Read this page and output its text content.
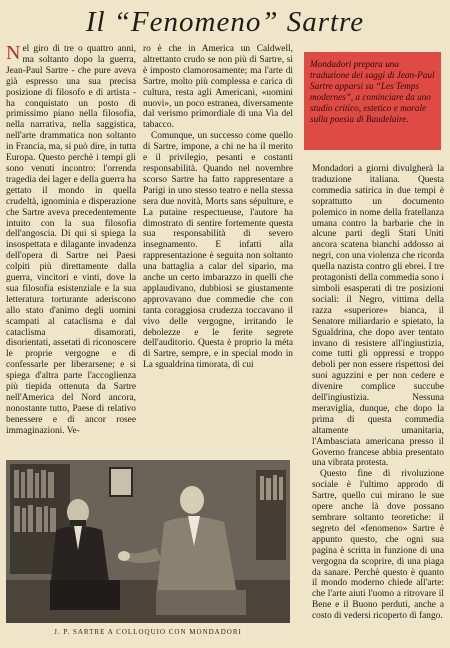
Il “Fenomeno” Sartre

Nel giro di tre o quattro anni, ma soltanto dopo la guerra, Jean-Paul Sartre - che pure aveva già espresso una sua precisa posizione di filosofo e di artista - ha conquistato un posto di primissimo piano nella filosofia, nella narrativa, nella saggistica, nell'arte drammatica non soltanto in Francia, ma, si può dire, in tutta Europa. Questo perchè i tempi gli sono venuti incontro: l'orrenda tragedia dei lager e della guerra ha gettato il mondo in quella crudeltà, ignominia e disperazione che Sartre aveva precedentemente intuito con la sua filosofia dell'angoscia. Di qui si spiega la insospettata e dilagante invadenza dell'opera di Sartre nei Paesi colpiti più direttamente dalla guerra, vincitori e vinti, dove la sua filosofia esistenziale e la sua letteratura torturante aderiscono allo stato d'animo degli uomini scampati al cataclisma e dal cataclisma disamorati, disorientati, assetati di riconoscere le proprie vergogne e di confessarle per liberarsene; e si spiega d'altra parte l'accoglienza più tiepida ottenuta da Sartre nell'America del Nord ancora, nonostante tutto, Paese di relativo benessere e di ancor rosee immaginazioni. Ve-

ro è che in America un Caldwell, altrettanto crudo se non più di Sartre, si è imposto clamorosamente; ma l'arte di Sartre, molto più complessa e carica di cultura, resta agli Americani, «uomini nuovi», un poco estranea, diversamente dal verismo primordiale di una Via del tabacco.

Comunque, un successo come quello di Sartre, impone, a chi ne ha il merito e il privilegio, pesanti e costanti responsabilità. Quando nel novembre scorso Sartre ha fatto rappresentare a Parigi in uno stesso teatro e nella stessa sera due novità, Morts sans sépulture, e La putaine respectueuse, l'autore ha dimostrato di sentire fortemente questa sua responsabilità di severo insegnamento. E infatti alla rappresentazione è seguita non soltanto una battaglia a calar del sipario, ma anche un certo imbarazzo in quelli che applaudivano, dubbiosi se giustamente approvavano due commedie che con tanta coraggiosa crudezza toccavano il vivo delle vergogne, irritando le debolezze e le ferite segrete dell'auditorio. Questa è proprio la méta di Sartre, sempre, e in special modo in La sgualdrina timorata, di cui

Mondadori prepara una traduzione dei saggi di Jean-Paul Sartre apparsi su “Les Temps modernes”, a cominciare da uno studio critico, estetico e morale sulla poesia di Baudelaire.

Mondadori a giorni divulgherà la traduzione italiana. Questa commedia satirica in due tempi è soprattutto un documento polemico in nome della fratellanza umana contro la barbarie che in alcune parti degli Stati Uniti ancora scatena bianchi addosso ai negri, con una violenza che ricorda quella nazista contro gli ebrei. I tre protagonisti della commedia sono i simboli esasperati di tre posizioni sociali: il Negro, vittima della razza «superiore» bianca, il Senatore miliardario e spietato, la Sgualdrina, che dopo aver tentato invano di resistere all'ingiustizia, come tutti gli oppressi e troppo deboli per non essere rispettosi dei suoi aguzzini e per non cedere e divenire complice succube dell'ingiustizia. Nessuna meraviglia, dunque, che dopo la prima di questa commedia altamente umanitaria, l'Ambasciata americana presso il Governo francese abbia presentato una vibrata protesta.

Questo fine di rivoluzione sociale è l'ultimo approdo di Sartre, quello cui mirano le sue opere anche là dove possano sembrare soltanto teoretiche: il segreto del «fenomeno» Sartre è appunto questo, che ogni sua pagina è scritta in funzione di una vergogna da scoprire, di una piaga da sanare. Perchè questo è quanto il mondo moderno chiede all'arte: che l'arte aiuti l'uomo a ritrovare il Bene e il Buono perduti, anche a costo di vedersi ricoperto di fango.

J. P. SARTRE A COLLOQUIO CON MONDADORI
